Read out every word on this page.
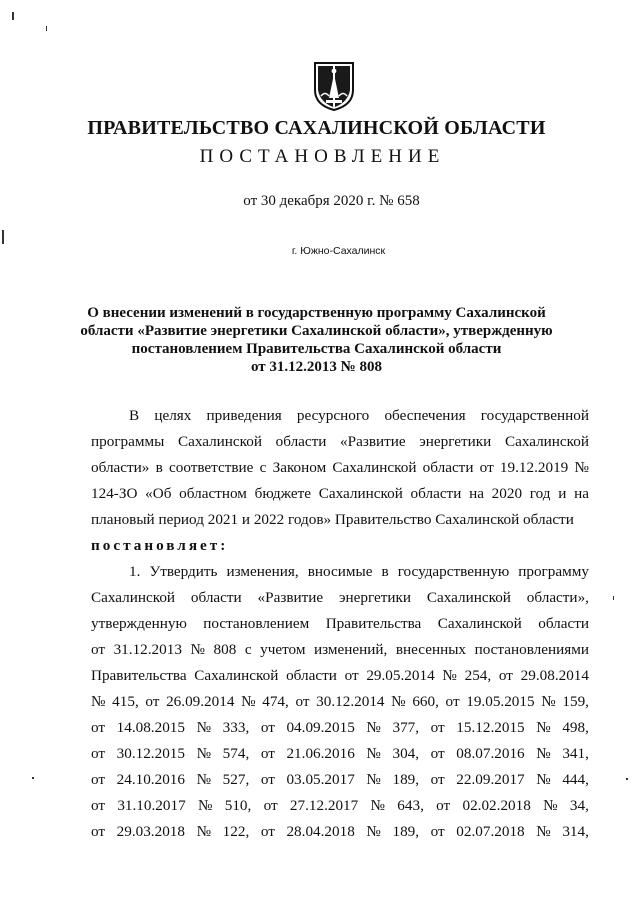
ПРАВИТЕЛЬСТВО САХАЛИНСКОЙ ОБЛАСТИ
ПОСТАНОВЛЕНИЕ
от 30 декабря 2020 г. № 658
г. Южно-Сахалинск
О внесении изменений в государственную программу Сахалинской
области «Развитие энергетики Сахалинской области», утвержденную
постановлением Правительства Сахалинской области
от 31.12.2013 № 808

В целях приведения ресурсного обеспечения государственной программы Сахалинской области «Развитие энергетики Сахалинской области» в соответствие с Законом Сахалинской области от 19.12.2019 № 124-ЗО «Об областном бюджете Сахалинской области на 2020 год и на плановый период 2021 и 2022 годов» Правительство Сахалинской области

постановляет:
1. Утвердить изменения, вносимые в государственную программу
Сахалинской области «Развитие энергетики Сахалинской области»,
утвержденную постановлением Правительства Сахалинской области
от 31.12.2013 № 808 с учетом изменений, внесенных постановлениями
Правительства Сахалинской области от 29.05.2014 № 254, от 29.08.2014
№ 415, от 26.09.2014 № 474, от 30.12.2014 № 660, от 19.05.2015 № 159,
от 14.08.2015 № 333, от 04.09.2015 № 377, от 15.12.2015 № 498,
от 30.12.2015 № 574, от 21.06.2016 № 304, от 08.07.2016 № 341,
от 24.10.2016 № 527, от 03.05.2017 № 189, от 22.09.2017 № 444,
от 31.10.2017 № 510, от 27.12.2017 № 643, от 02.02.2018 № 34,
от 29.03.2018 № 122, от 28.04.2018 № 189, от 02.07.2018 № 314,
